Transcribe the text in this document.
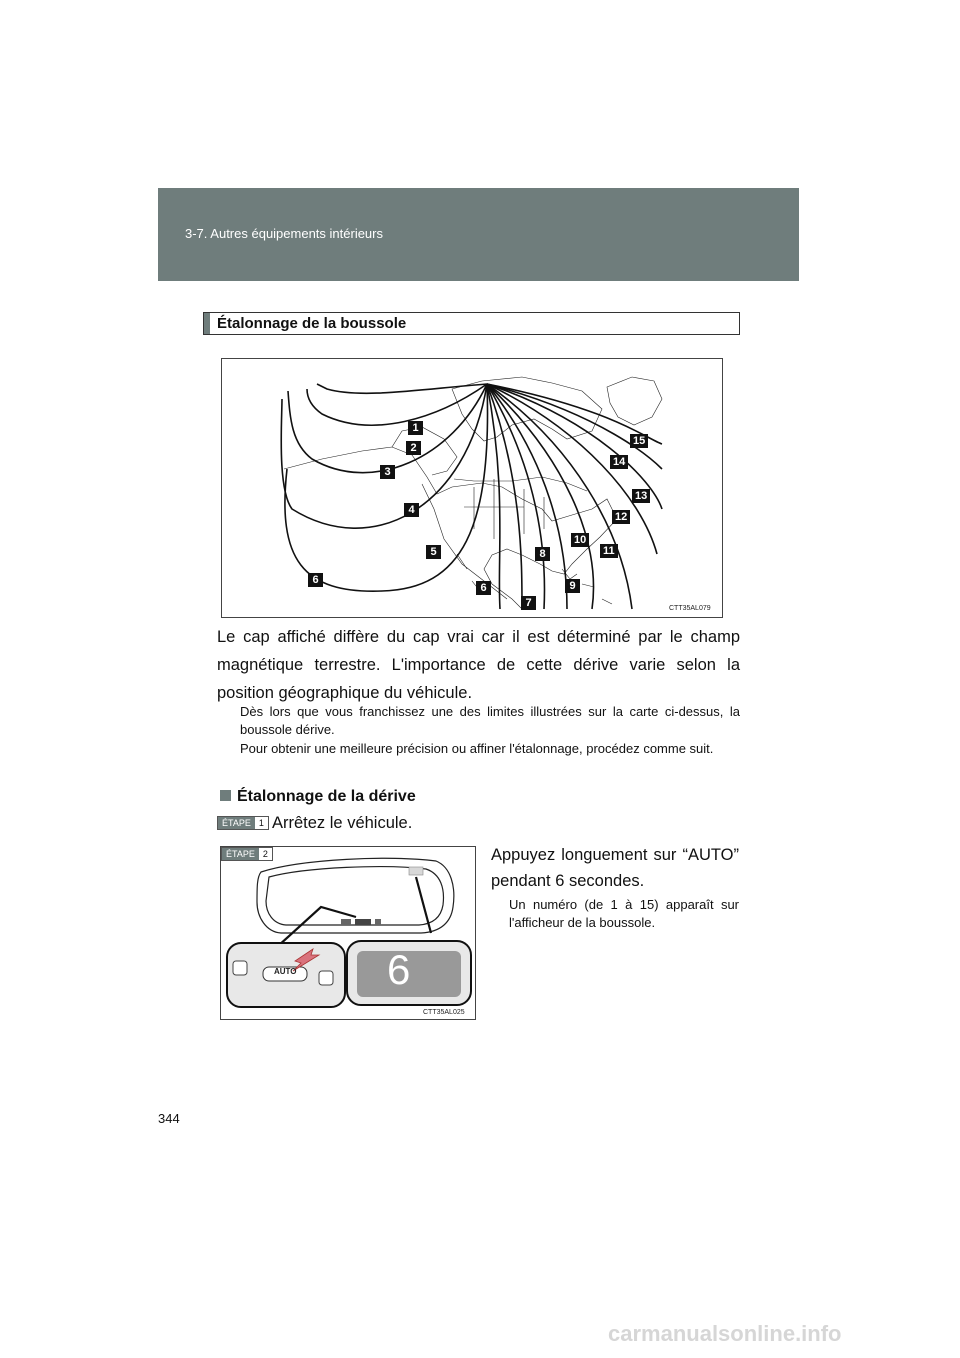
3-7. Autres équipements intérieurs
Étalonnage de la boussole
1
2
3
4
5
6
6
7
8
9
10
11
12
13
14
15
CTT35AL079
Le cap affiché diffère du cap vrai car il est déterminé par le champ magnétique terrestre. L'importance de cette dérive varie selon la position géographique du véhicule.
Dès lors que vous franchissez une des limites illustrées sur la carte ci-dessus, la boussole dérive.
Pour obtenir une meilleure précision ou affiner l'étalonnage, procédez comme suit.
Étalonnage de la dérive
ÉTAPE 1 Arrêtez le véhicule.
AUTO 6
ÉTAPE 2
CTT35AL025
Appuyez longuement sur “AUTO” pendant 6 secondes.
Un numéro (de 1 à 15) apparaît sur l'afficheur de la boussole.
344
carmanualsonline.info
